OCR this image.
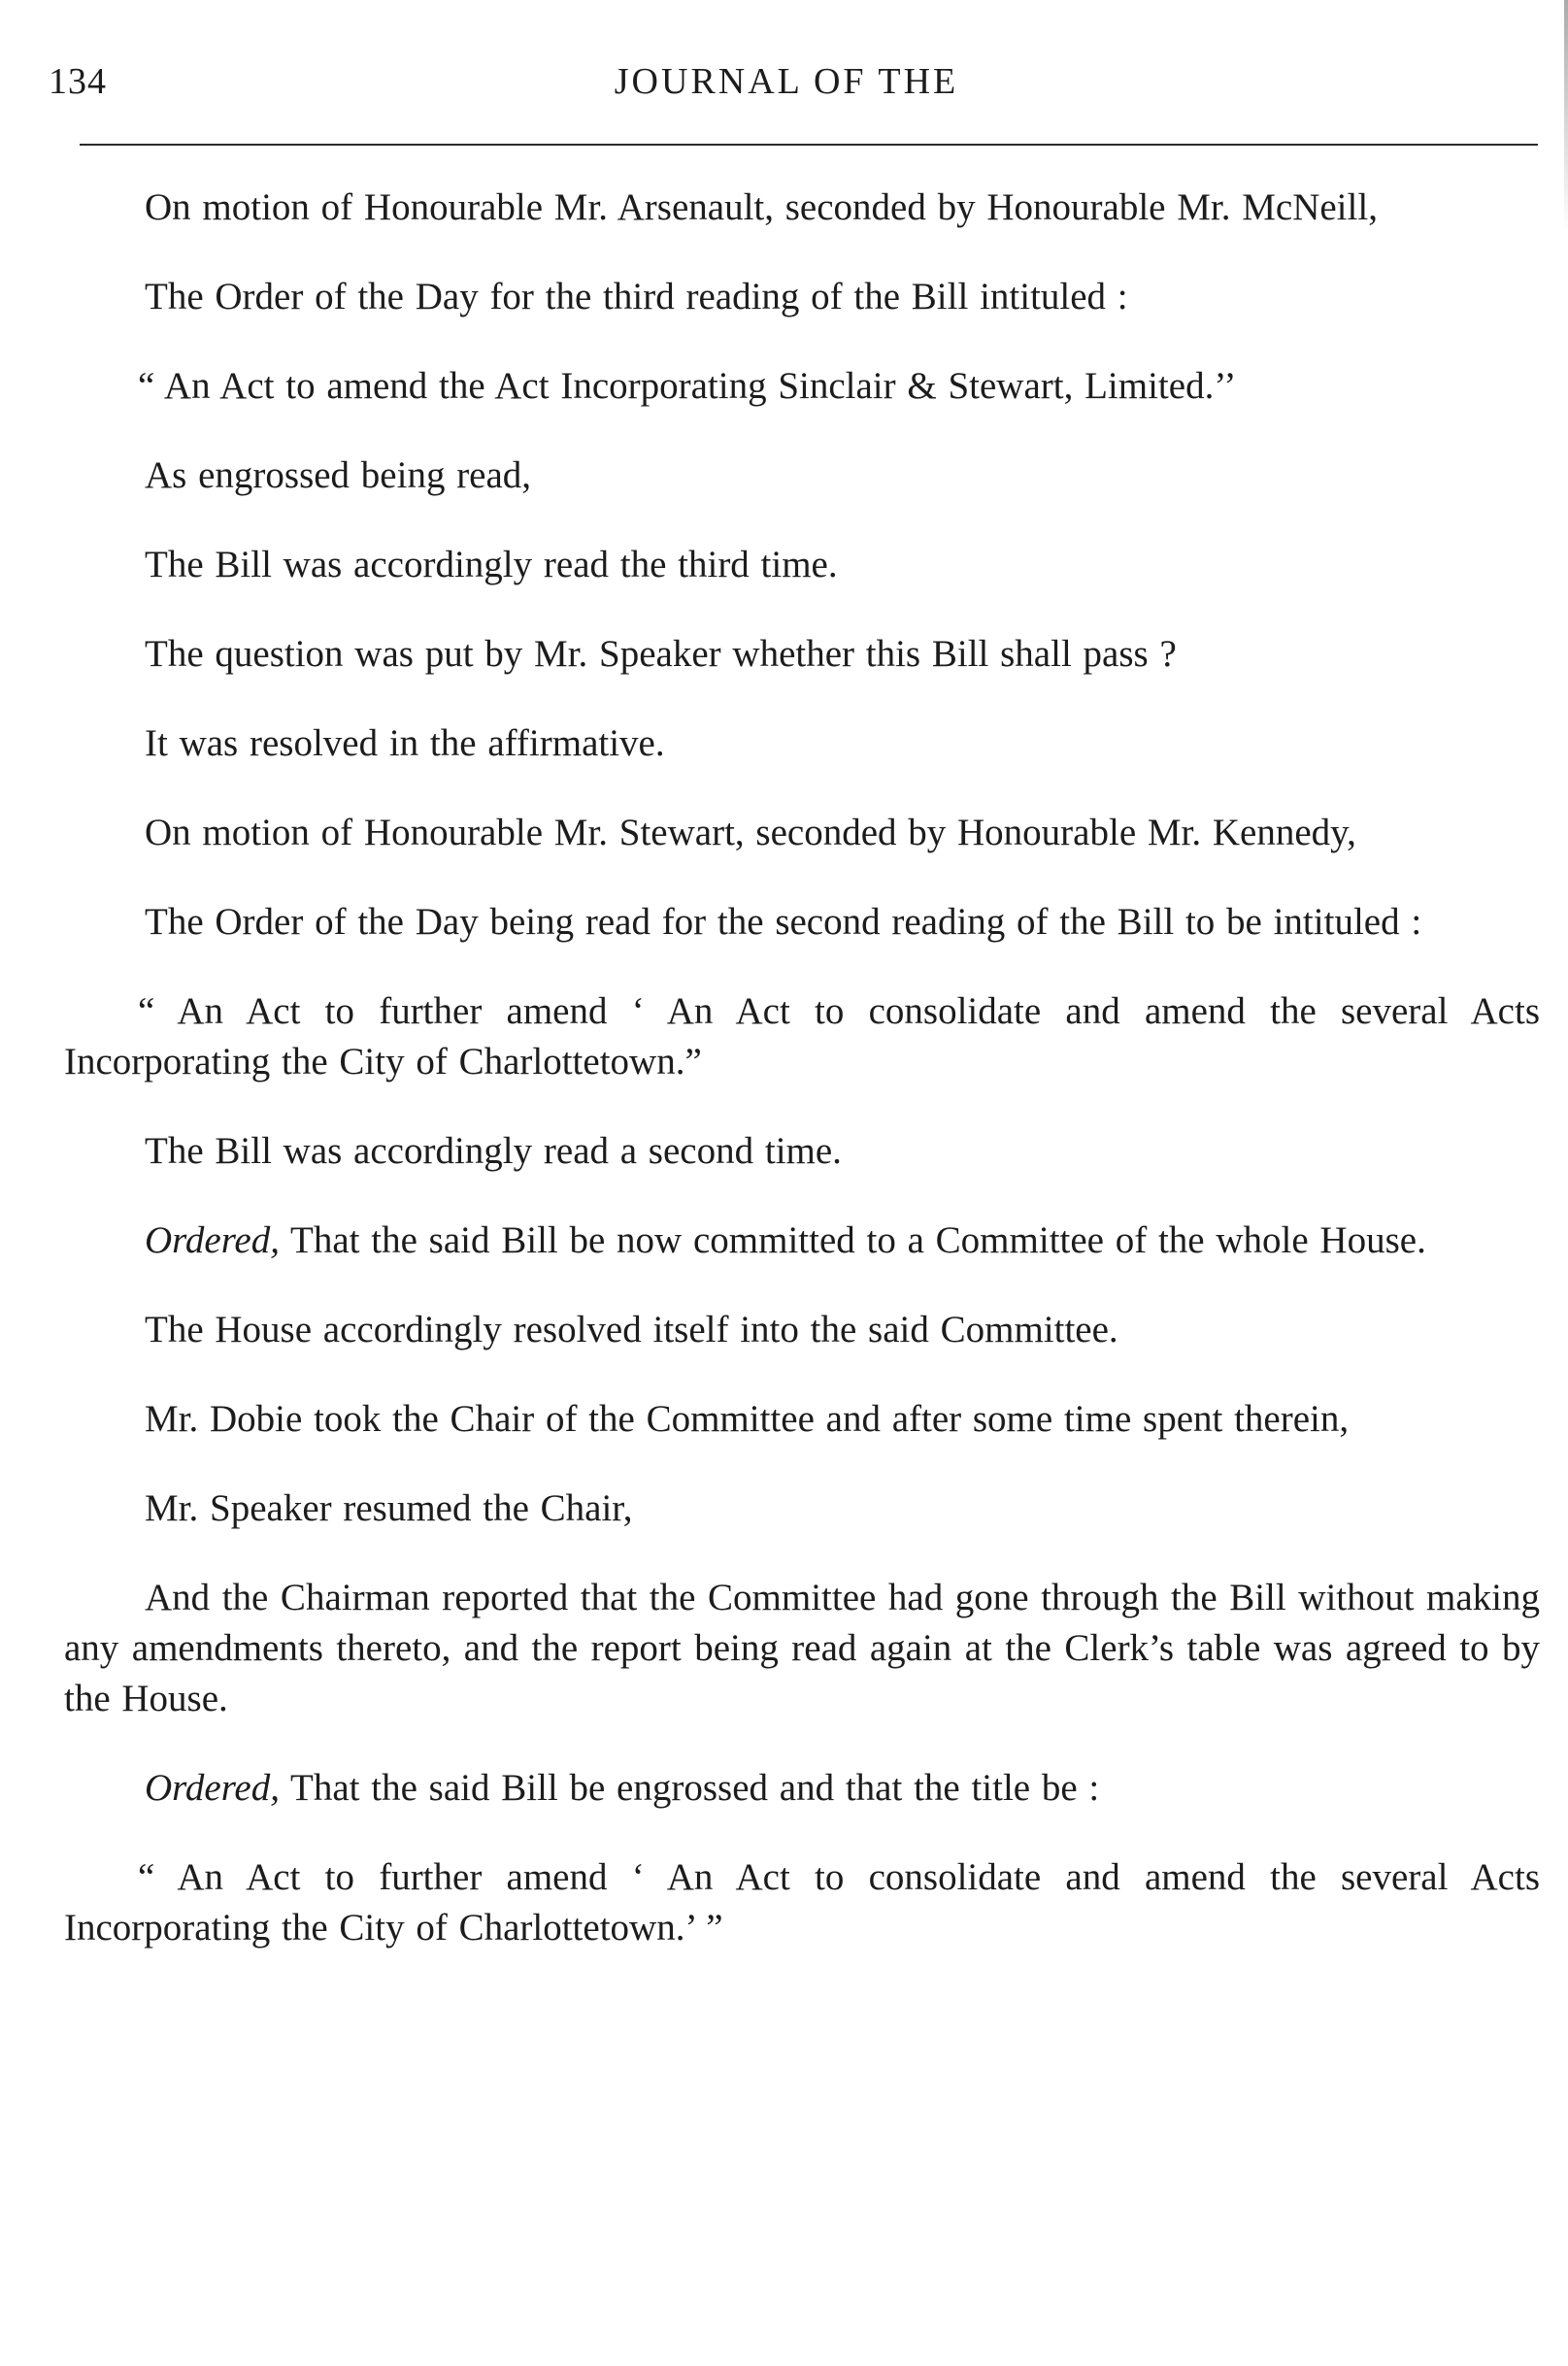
134	JOURNAL OF THE

On motion of Honourable Mr. Arsenault, seconded by Honourable Mr. McNeill,

The Order of the Day for the third reading of the Bill intituled :

“ An Act to amend the Act Incorporating Sinclair & Stewart, Limited.’’

As engrossed being read,

The Bill was accordingly read the third time.

The question was put by Mr. Speaker whether this Bill shall pass ?

It was resolved in the affirmative.

On motion of Honourable Mr. Stewart, seconded by Honourable Mr. Kennedy,

The Order of the Day being read for the second reading of the Bill to be intituled :

“ An Act to further amend ‘ An Act to consolidate and amend the several Acts Incorporating the City of Charlottetown.”

The Bill was accordingly read a second time.

Ordered, That the said Bill be now committed to a Committee of the whole House.

The House accordingly resolved itself into the said Committee.

Mr. Dobie took the Chair of the Committee and after some time spent therein,

Mr. Speaker resumed the Chair,

And the Chairman reported that the Committee had gone through the Bill without making any amendments thereto, and the report being read again at the Clerk’s table was agreed to by the House.

Ordered, That the said Bill be engrossed and that the title be :

“ An Act to further amend ‘ An Act to consolidate and amend the several Acts Incorporating the City of Charlottetown.’ ”
